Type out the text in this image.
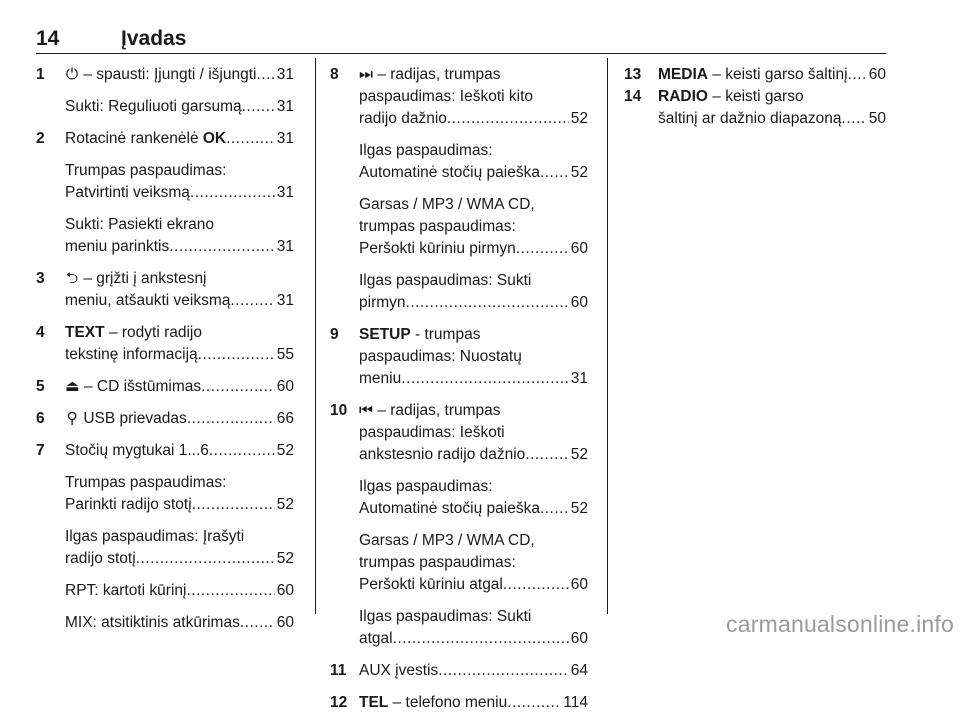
14	Įvadas
1 ⏻ – spausti: Įjungti / išjungti ..... 31
Sukti: Reguliuoti garsumą ..... 31
2 Rotacinė rankenėlė OK .....	31
Trumpas paspaudimas:
Patvirtinti veiksmą .....	31
Sukti: Pasiekti ekrano
meniu parinktis .....	31
3 ⮌ – grįžti į ankstesnį
meniu, atšaukti veiksmą .....	31
4 TEXT – rodyti radijo
tekstinę informaciją .....	55
5 ⏏ – CD išstūmimas .....	60
6 ⚲ USB prievadas .....	66
7 Stočių mygtukai 1...6 .....	52
Trumpas paspaudimas:
Parinkti radijo stotį .....	52
Ilgas paspaudimas: Įrašyti
radijo stotį .....	52
RPT: kartoti kūrinį .....	60
MIX: atsitiktinis atkūrimas ..... 60
8 ⏭ – radijas, trumpas
paspaudimas: Ieškoti kito
radijo dažnio .....	52
Ilgas paspaudimas:
Automatinė stočių paieška ..... 52
Garsas / MP3 / WMA CD,
trumpas paspaudimas:
Peršokti kūriniu pirmyn .....	60
Ilgas paspaudimas: Sukti
pirmyn .....	60
9 SETUP - trumpas
paspaudimas: Nuostatų
meniu .....	31
10 ⏮ – radijas, trumpas
paspaudimas: Ieškoti
ankstesnio radijo dažnio .....	52
Ilgas paspaudimas:
Automatinė stočių paieška ..... 52
Garsas / MP3 / WMA CD,
trumpas paspaudimas:
Peršokti kūriniu atgal .....	60
Ilgas paspaudimas: Sukti
atgal .....	60
11 AUX įvestis .....	64
12 TEL – telefono meniu .....	114
13 MEDIA – keisti garso šaltinį ..... 60
14 RADIO – keisti garso
šaltinį ar dažnio diapazoną ..... 50
carmanualsonline.info
